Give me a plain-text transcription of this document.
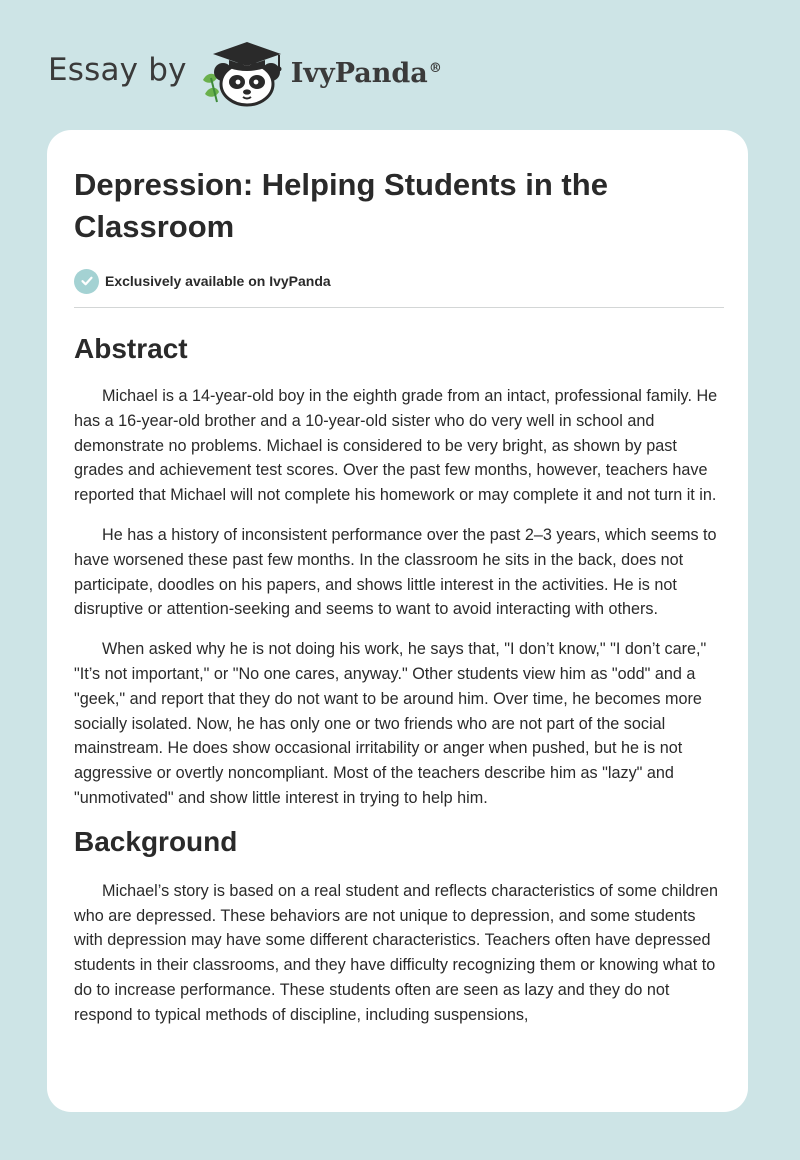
Essay by	IvyPanda®
Depression: Helping Students in the Classroom
Exclusively available on IvyPanda
Abstract

Michael is a 14-year-old boy in the eighth grade from an intact, professional family. He has a 16-year-old brother and a 10-year-old sister who do very well in school and demonstrate no problems. Michael is considered to be very bright, as shown by past grades and achievement test scores. Over the past few months, however, teachers have reported that Michael will not complete his homework or may complete it and not turn it in.

He has a history of inconsistent performance over the past 2–3 years, which seems to have worsened these past few months. In the classroom he sits in the back, does not participate, doodles on his papers, and shows little interest in the activities. He is not disruptive or attention-seeking and seems to want to avoid interacting with others.

When asked why he is not doing his work, he says that, "I don’t know," "I don’t care," "It’s not important," or "No one cares, anyway." Other students view him as "odd" and a "geek," and report that they do not want to be around him. Over time, he becomes more socially isolated. Now, he has only one or two friends who are not part of the social mainstream. He does show occasional irritability or anger when pushed, but he is not aggressive or overtly noncompliant. Most of the teachers describe him as "lazy" and "unmotivated" and show little interest in trying to help him.

Background

Michael’s story is based on a real student and reflects characteristics of some children who are depressed. These behaviors are not unique to depression, and some students with depression may have some different characteristics. Teachers often have depressed students in their classrooms, and they have difficulty recognizing them or knowing what to do to increase performance. These students often are seen as lazy and they do not respond to typical methods of discipline, including suspensions,
